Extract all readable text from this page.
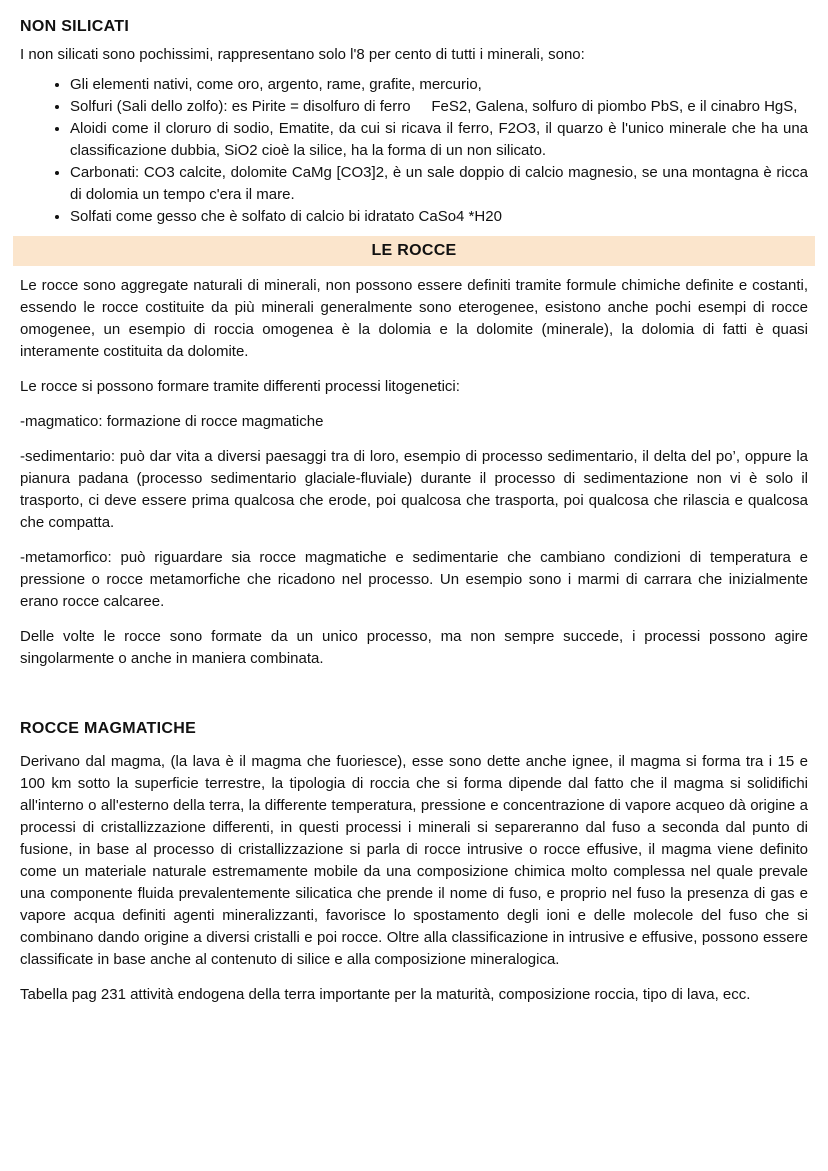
NON SILICATI

I non silicati sono pochissimi, rappresentano solo l'8 per cento di tutti i minerali, sono:

• Gli elementi nativi, come oro, argento, rame, grafite, mercurio,
• Solfuri (Sali dello zolfo): es Pirite = disolfuro di ferro     FeS2, Galena, solfuro di piombo PbS, e il cinabro HgS,
• Aloidi come il cloruro di sodio, Ematite, da cui si ricava il ferro, F2O3, il quarzo è l'unico minerale che ha una classificazione dubbia, SiO2 cioè la silice, ha la forma di un non silicato.
• Carbonati: CO3 calcite, dolomite CaMg [CO3]2, è un sale doppio di calcio magnesio, se una montagna è ricca di dolomia un tempo c'era il mare.
• Solfati come gesso che è solfato di calcio bi idratato CaSo4 *H20
LE ROCCE

Le rocce sono aggregate naturali di minerali, non possono essere definiti tramite formule chimiche definite e costanti, essendo le rocce costituite da più minerali generalmente sono eterogenee, esistono anche pochi esempi di rocce omogenee, un esempio di roccia omogenea è la dolomia e la dolomite (minerale), la dolomia di fatti è quasi interamente costituita da dolomite.

Le rocce si possono formare tramite differenti processi litogenetici:

-magmatico: formazione di rocce magmatiche

-sedimentario: può dar vita a diversi paesaggi tra di loro, esempio di processo sedimentario, il delta del po’, oppure la pianura padana (processo sedimentario glaciale-fluviale) durante il processo di sedimentazione non vi è solo il trasporto, ci deve essere prima qualcosa che erode, poi qualcosa che trasporta, poi qualcosa che rilascia e qualcosa che compatta.

-metamorfico: può riguardare sia rocce magmatiche e sedimentarie che cambiano condizioni di temperatura e pressione o rocce metamorfiche che ricadono nel processo. Un esempio sono i marmi di carrara che inizialmente erano rocce calcaree.

Delle volte le rocce sono formate da un unico processo, ma non sempre succede, i processi possono agire singolarmente o anche in maniera combinata.

ROCCE MAGMATICHE

Derivano dal magma, (la lava è il magma che fuoriesce), esse sono dette anche ignee, il magma si forma tra i 15 e 100 km sotto la superficie terrestre, la tipologia di roccia che si forma dipende dal fatto che il magma si solidifichi all'interno o all'esterno della terra, la differente temperatura, pressione e concentrazione di vapore acqueo dà origine a processi di cristallizzazione differenti, in questi processi i minerali si separeranno dal fuso a seconda dal punto di fusione, in base al processo di cristallizzazione si parla di rocce intrusive o rocce effusive, il magma viene definito come un materiale naturale estremamente mobile da una composizione chimica molto complessa nel quale prevale una componente fluida prevalentemente silicatica che prende il nome di fuso, e proprio nel fuso la presenza di gas e vapore acqua definiti agenti mineralizzanti, favorisce lo spostamento degli ioni e delle molecole del fuso che si combinano dando origine a diversi cristalli e poi rocce. Oltre alla classificazione in intrusive e effusive, possono essere classificate in base anche al contenuto di silice e alla composizione mineralogica.

Tabella pag 231 attività endogena della terra importante per la maturità, composizione roccia, tipo di lava, ecc.
